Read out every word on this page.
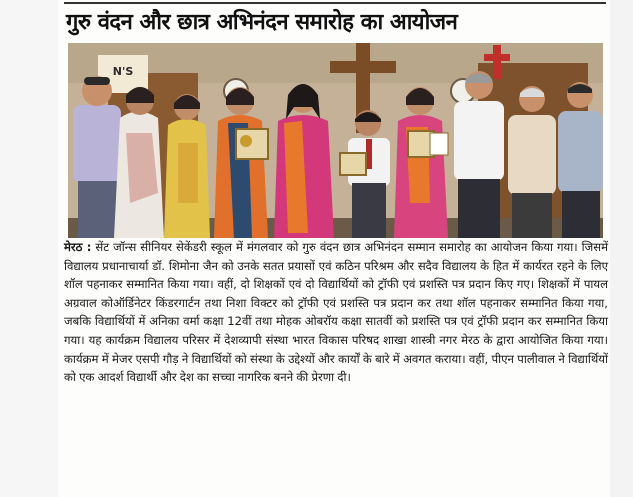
गुरु वंदन और छात्र अभिनंदन समारोह का आयोजन
N'S

मेरठ : सेंट जॉन्स सीनियर सेकेंडरी स्कूल में मंगलवार को गुरु वंदन छात्र अभिनंदन सम्मान समारोह का आयोजन किया गया। जिसमें विद्यालय प्रधानाचार्या डॉ. शिमोना जैन को उनके सतत प्रयासों एवं कठिन परिश्रम और सदैव विद्यालय के हित में कार्यरत रहने के लिए शॉल पहनाकर सम्मानित किया गया। वहीं, दो शिक्षकों एवं दो विद्यार्थियों को ट्रॉफी एवं प्रशस्ति पत्र प्रदान किए गए। शिक्षकों में पायल अग्रवाल कोऑर्डिनेटर किंडरगार्टन तथा निशा विक्टर को ट्रॉफी एवं प्रशस्ति पत्र प्रदान कर तथा शॉल पहनाकर सम्मानित किया गया, जबकि विद्यार्थियों में अनिका वर्मा कक्षा 12वीं तथा मोहक ओबरॉय कक्षा सातवीं को प्रशस्ति पत्र एवं ट्रॉफी प्रदान कर सम्मानित किया गया। यह कार्यक्रम विद्यालय परिसर में देशव्यापी संस्था भारत विकास परिषद शाखा शास्त्री नगर मेरठ के द्वारा आयोजित किया गया। कार्यक्रम में मेजर एसपी गौड़ ने विद्यार्थियों को संस्था के उद्देश्यों और कार्यों के बारे में अवगत कराया। वहीं, पीएन पालीवाल ने विद्यार्थियों को एक आदर्श विद्यार्थी और देश का सच्चा नागरिक बनने की प्रेरणा दी।
